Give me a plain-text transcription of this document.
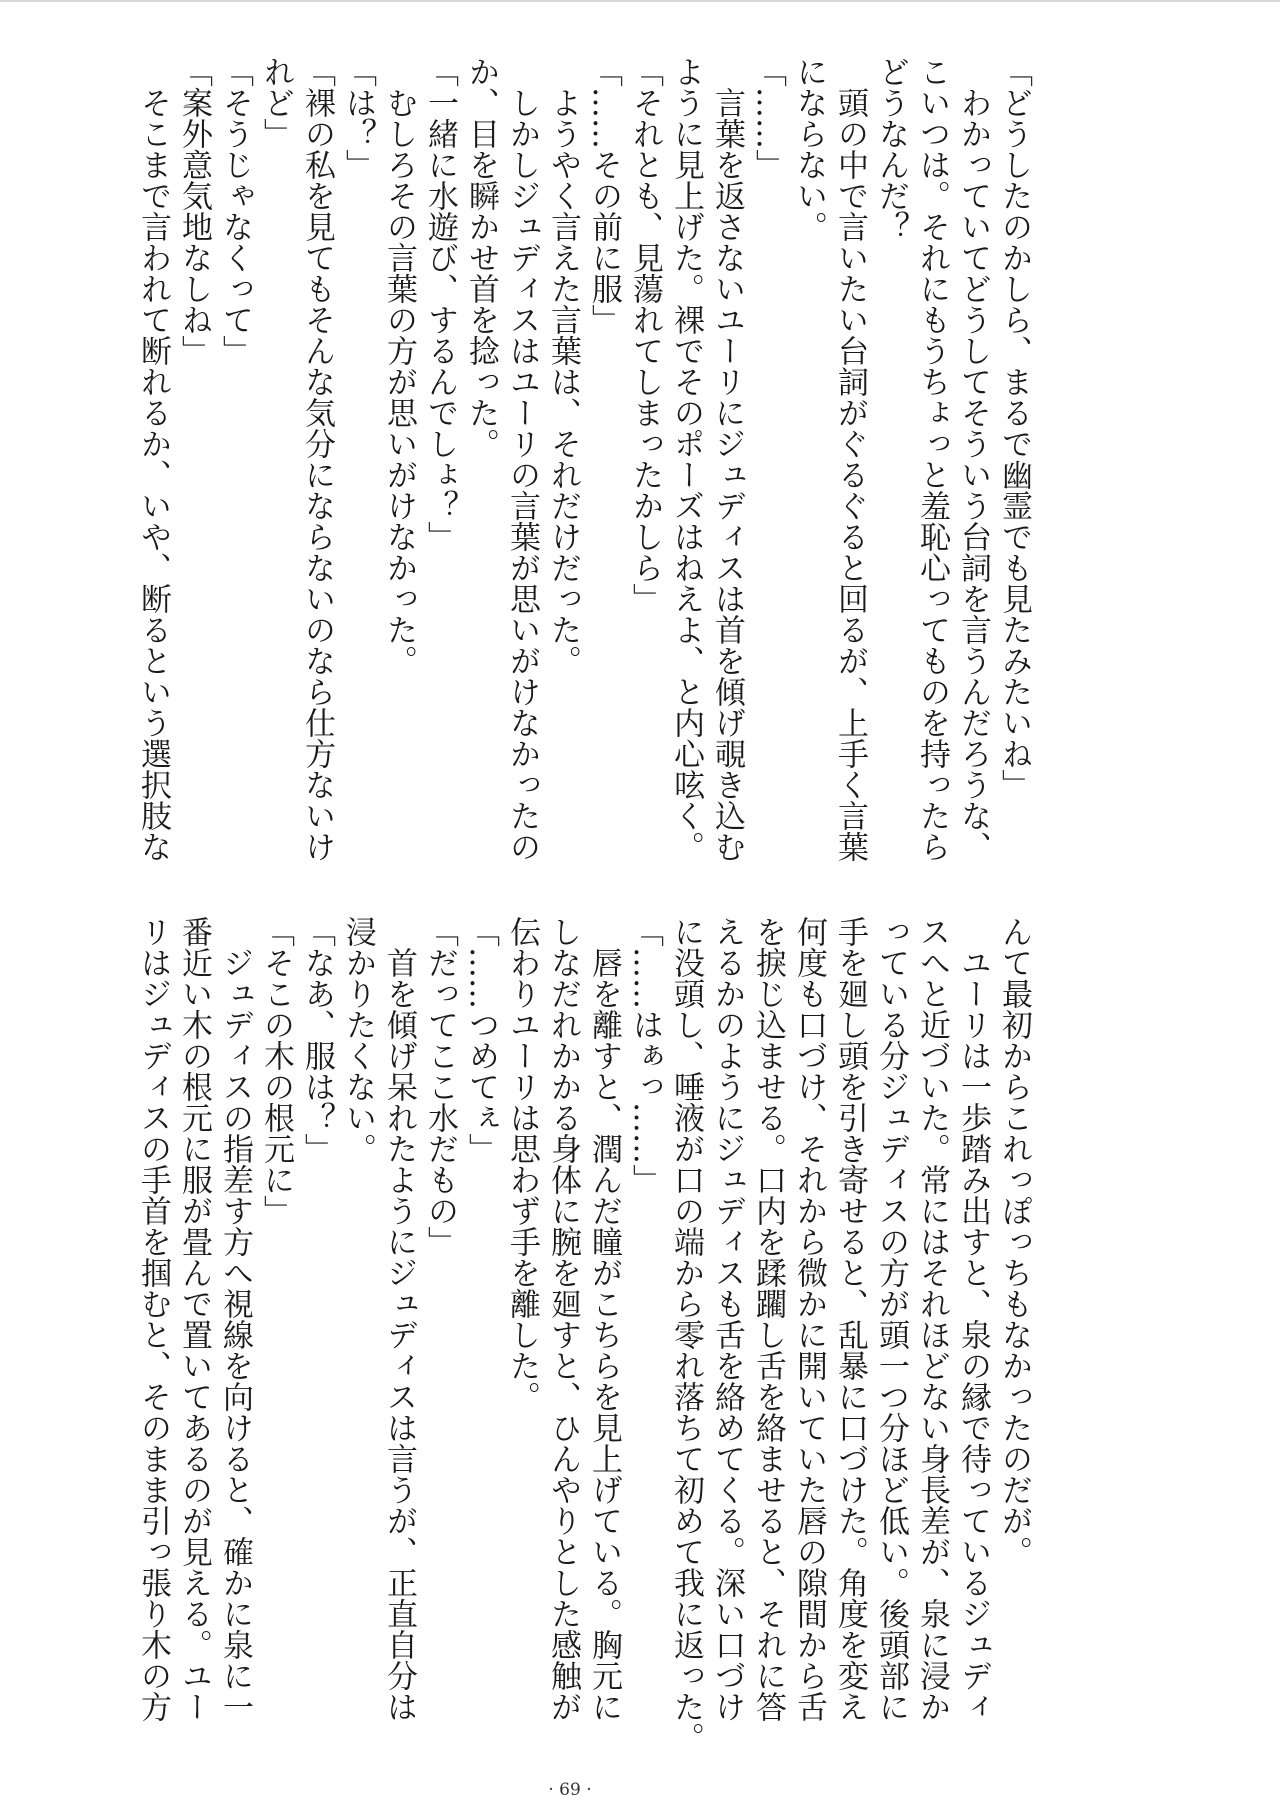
「どうしたのかしら、まるで幽霊でも見たみたいね」
　わかっていてどうしてそういう台詞を言うんだろうな、
こいつは。それにもうちょっと羞恥心ってものを持ったら
どうなんだ？
　頭の中で言いたい台詞がぐるぐると回るが、上手く言葉
にならない。
「……」
　言葉を返さないユーリにジュディスは首を傾げ覗き込む
ように見上げた。裸でそのポーズはねえよ、と内心呟く。
「それとも、見蕩れてしまったかしら」
「……その前に服」
　ようやく言えた言葉は、それだけだった。
　しかしジュディスはユーリの言葉が思いがけなかったの
か、目を瞬かせ首を捻った。
「一緒に水遊び、するんでしょ？」
　むしろその言葉の方が思いがけなかった。
「は？」
「裸の私を見てもそんな気分にならないのなら仕方ないけ
れど」
「そうじゃなくって」
「案外意気地なしね」
　そこまで言われて断れるか、いや、断るという選択肢な
んて最初からこれっぽっちもなかったのだが。
　ユーリは一歩踏み出すと、泉の縁で待っているジュディ
スへと近づいた。常にはそれほどない身長差が、泉に浸か
っている分ジュディスの方が頭一つ分ほど低い。後頭部に
手を廻し頭を引き寄せると、乱暴に口づけた。角度を変え
何度も口づけ、それから微かに開いていた唇の隙間から舌
を捩じ込ませる。口内を蹂躙し舌を絡ませると、それに答
えるかのようにジュディスも舌を絡めてくる。深い口づけ
に没頭し、唾液が口の端から零れ落ちて初めて我に返った。
「……はぁっ……」
　唇を離すと、潤んだ瞳がこちらを見上げている。胸元に
しなだれかかる身体に腕を廻すと、ひんやりとした感触が
伝わりユーリは思わず手を離した。
「……つめてぇ」
「だってここ水だもの」
　首を傾げ呆れたようにジュディスは言うが、正直自分は
浸かりたくない。
「なあ、服は？」
「そこの木の根元に」
　ジュディスの指差す方へ視線を向けると、確かに泉に一
番近い木の根元に服が畳んで置いてあるのが見える。ユー
リはジュディスの手首を掴むと、そのまま引っ張り木の方
· 69 ·
